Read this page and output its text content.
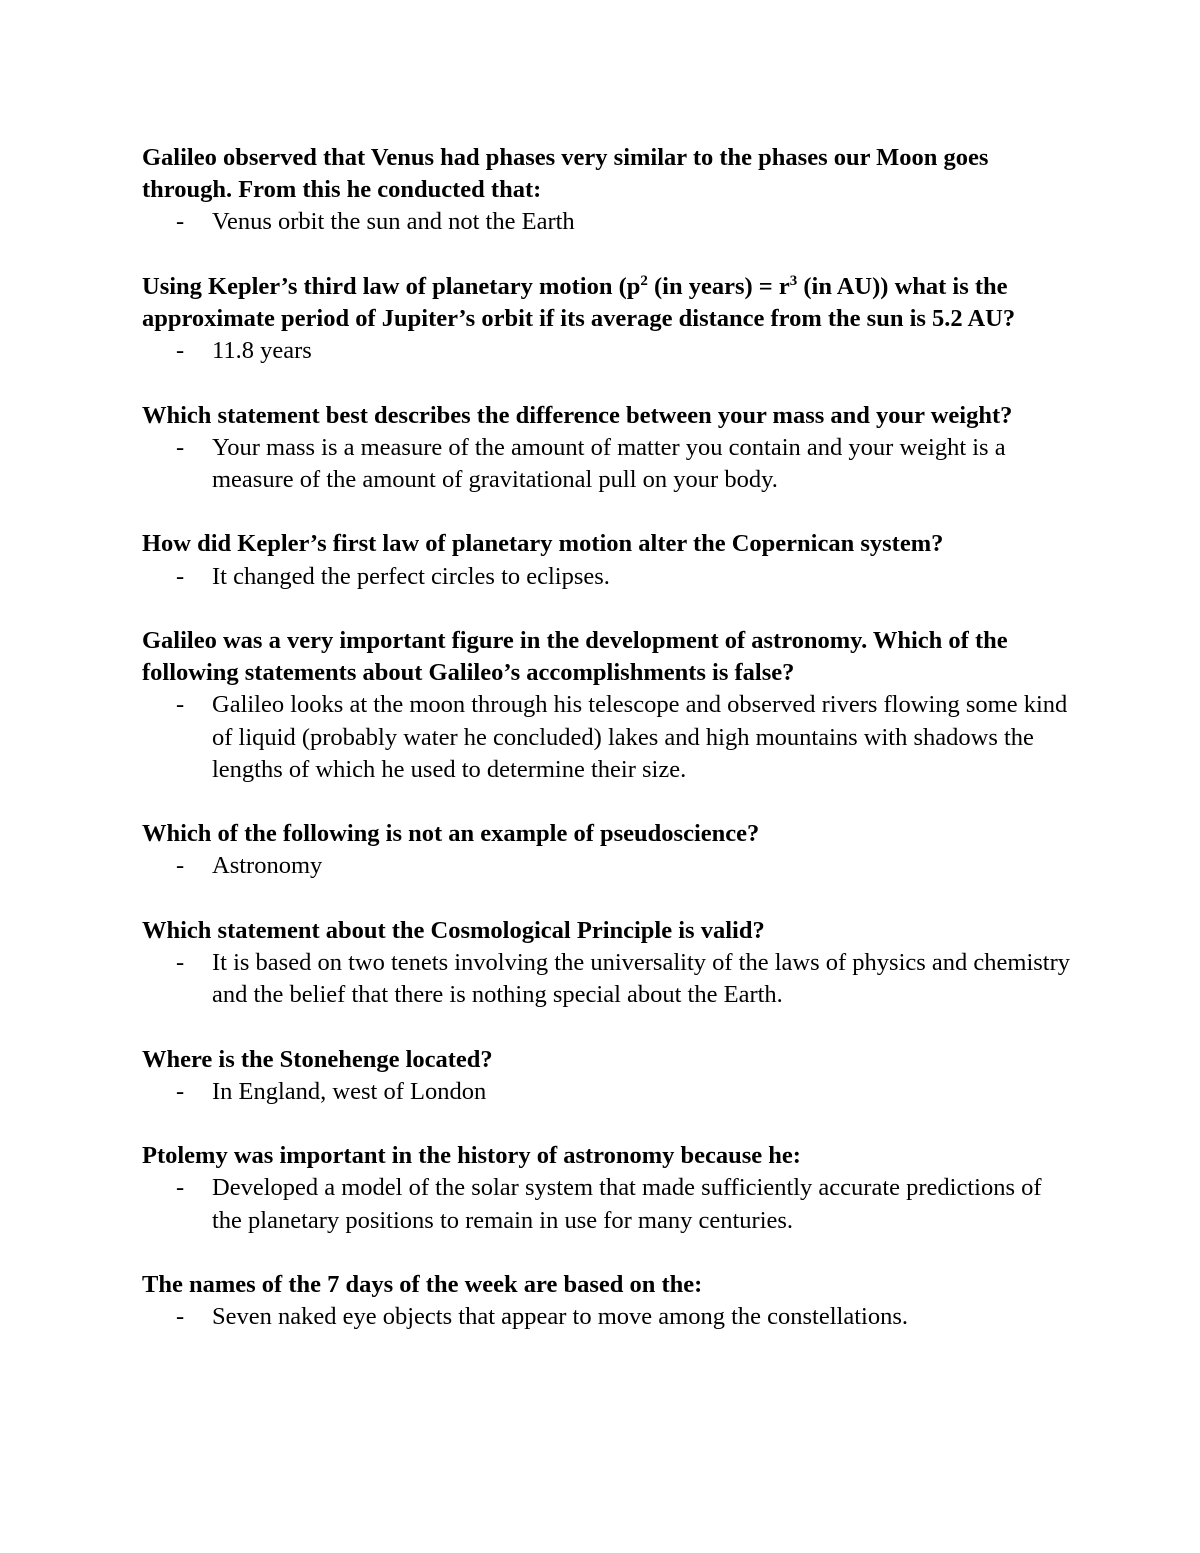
Galileo observed that Venus had phases very similar to the phases our Moon goes through. From this he conducted that:

- Venus orbit the sun and not the Earth

Using Kepler’s third law of planetary motion ($p^2$ (in years) = $r^3$ (in AU)) what is the approximate period of Jupiter’s orbit if its average distance from the sun is 5.2 AU?

- 11.8 years

Which statement best describes the difference between your mass and your weight?

- Your mass is a measure of the amount of matter you contain and your weight is a measure of the amount of gravitational pull on your body.

How did Kepler’s first law of planetary motion alter the Copernican system?

- It changed the perfect circles to eclipses.

Galileo was a very important figure in the development of astronomy. Which of the following statements about Galileo’s accomplishments is false?

- Galileo looks at the moon through his telescope and observed rivers flowing some kind of liquid (probably water he concluded) lakes and high mountains with shadows the lengths of which he used to determine their size.

Which of the following is not an example of pseudoscience?

- Astronomy

Which statement about the Cosmological Principle is valid?

- It is based on two tenets involving the universality of the laws of physics and chemistry and the belief that there is nothing special about the Earth.

Where is the Stonehenge located?

- In England, west of London

Ptolemy was important in the history of astronomy because he:

- Developed a model of the solar system that made sufficiently accurate predictions of the planetary positions to remain in use for many centuries.

The names of the 7 days of the week are based on the:

- Seven naked eye objects that appear to move among the constellations.
